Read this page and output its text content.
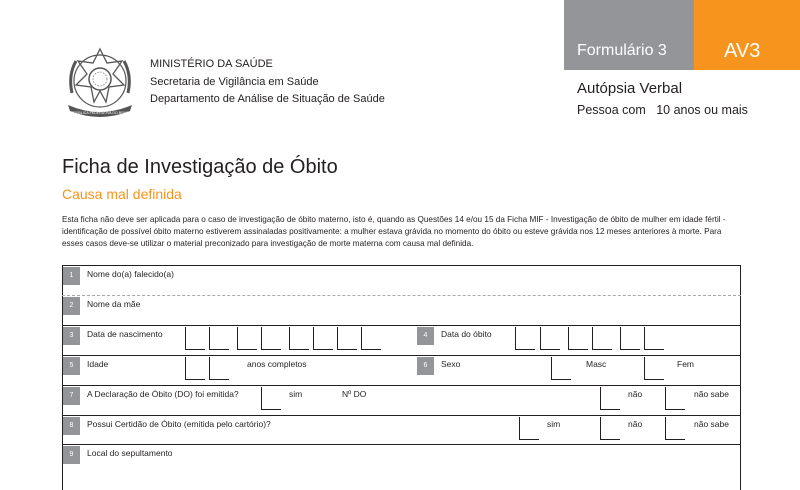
Formulário 3	AV3
Autópsia Verbal
Pessoa com   10 anos ou mais
REPÚBLICA FEDERATIVA DO BRASIL
MINISTÉRIO DA SAÚDE
Secretaria de Vigilância em Saúde
Departamento de Análise de Situação de Saúde
Ficha de Investigação de Óbito
Causa mal definida
Esta ficha não deve ser aplicada para o caso de investigação de óbito materno, isto é, quando as Questões 14 e/ou 15 da Ficha MIF - Investigação de óbito de mulher em idade fértil - identificação de possível óbito materno estiverem assinaladas positivamente: a mulher estava grávida no momento do óbito ou esteve grávida nos 12 meses anteriores à morte. Para esses casos deve-se utilizar o material preconizado para investigação de morte materna com causa mal definida.
1	Nome do(a) falecido(a)
2	Nome da mãe
3	Data de nascimento	4	Data do óbito
5	Idade	anos completos	6	Sexo	Masc	Fem
7	A Declaração de Óbito (DO) foi emitida?	sim	Nº DO	não	não sabe
8	Possui Certidão de Óbito (emitida pelo cartório)?	sim	não	não sabe
9	Local do sepultamento
